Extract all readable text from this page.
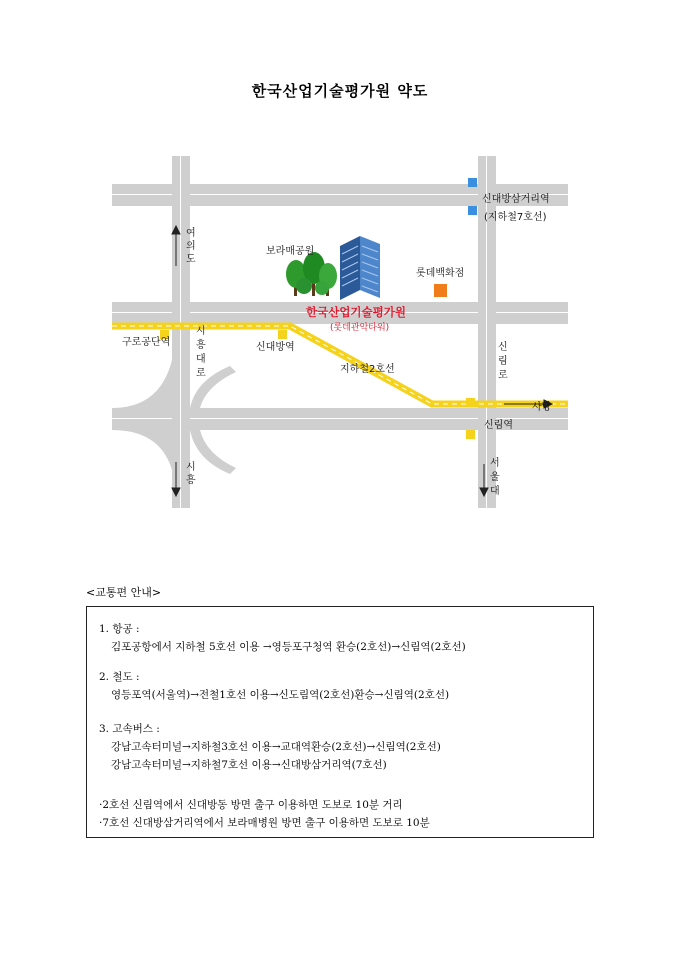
한국산업기술평가원 약도
여 의 도
시 흥 대 로
시 흥
신 림 로
서 울 대
신대방삼거리역
(지하철7호선)
보라매공원
롯데백화점
한국산업기술평가원
(롯데관악타워)
구로공단역	신대방역
지하철2호선
신림역
사당
<교통편 안내>
1. 항공 :
김포공항에서 지하철 5호선 이용 →영등포구청역 환승(2호선)→신림역(2호선)
2. 철도 :
영등포역(서울역)→전철1호선 이용→신도림역(2호선)환승→신림역(2호선)
3. 고속버스 :
강남고속터미널→지하철3호선 이용→교대역환승(2호선)→신림역(2호선)
강남고속터미널→지하철7호선 이용→신대방삼거리역(7호선)
·2호선 신림역에서 신대방동 방면 출구 이용하면 도보로 10분 거리
·7호선 신대방삼거리역에서 보라매병원 방면 출구 이용하면 도보로 10분
